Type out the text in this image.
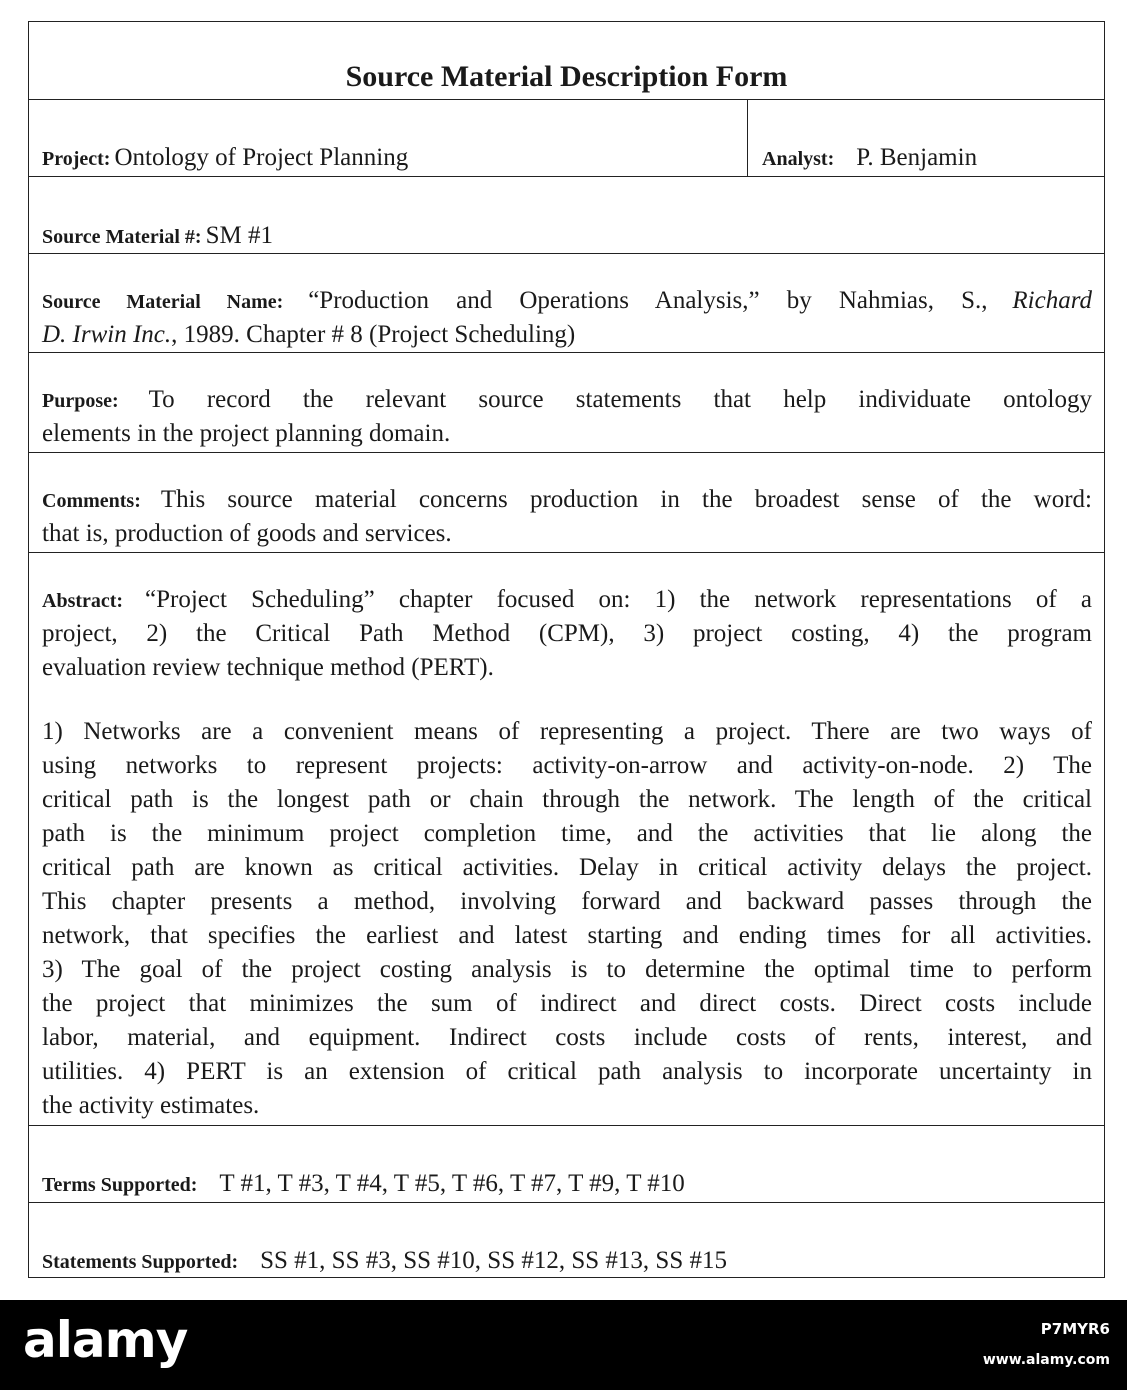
Source Material Description Form
Project: Ontology of Project Planning	Analyst: P. Benjamin
Source Material #: SM #1
Source Material Name: “Production and Operations Analysis,” by Nahmias, S., Richard
D. Irwin Inc., 1989. Chapter # 8 (Project Scheduling)
Purpose: To record the relevant source statements that help individuate ontology
elements in the project planning domain.
Comments: This source material concerns production in the broadest sense of the word:
that is, production of goods and services.
Abstract: “Project Scheduling” chapter focused on: 1) the network representations of a
project, 2) the Critical Path Method (CPM), 3) project costing, 4) the program
evaluation review technique method (PERT).
1) Networks are a convenient means of representing a project. There are two ways of
using networks to represent projects: activity-on-arrow and activity-on-node. 2) The
critical path is the longest path or chain through the network. The length of the critical
path is the minimum project completion time, and the activities that lie along the
critical path are known as critical activities. Delay in critical activity delays the project.
This chapter presents a method, involving forward and backward passes through the
network, that specifies the earliest and latest starting and ending times for all activities.
3) The goal of the project costing analysis is to determine the optimal time to perform
the project that minimizes the sum of indirect and direct costs. Direct costs include
labor, material, and equipment. Indirect costs include costs of rents, interest, and
utilities. 4) PERT is an extension of critical path analysis to incorporate uncertainty in
the activity estimates.
Terms Supported: T #1, T #3, T #4, T #5, T #6, T #7, T #9, T #10
Statements Supported: SS #1, SS #3, SS #10, SS #12, SS #13, SS #15
alamy	P7MYR6
www.alamy.com
